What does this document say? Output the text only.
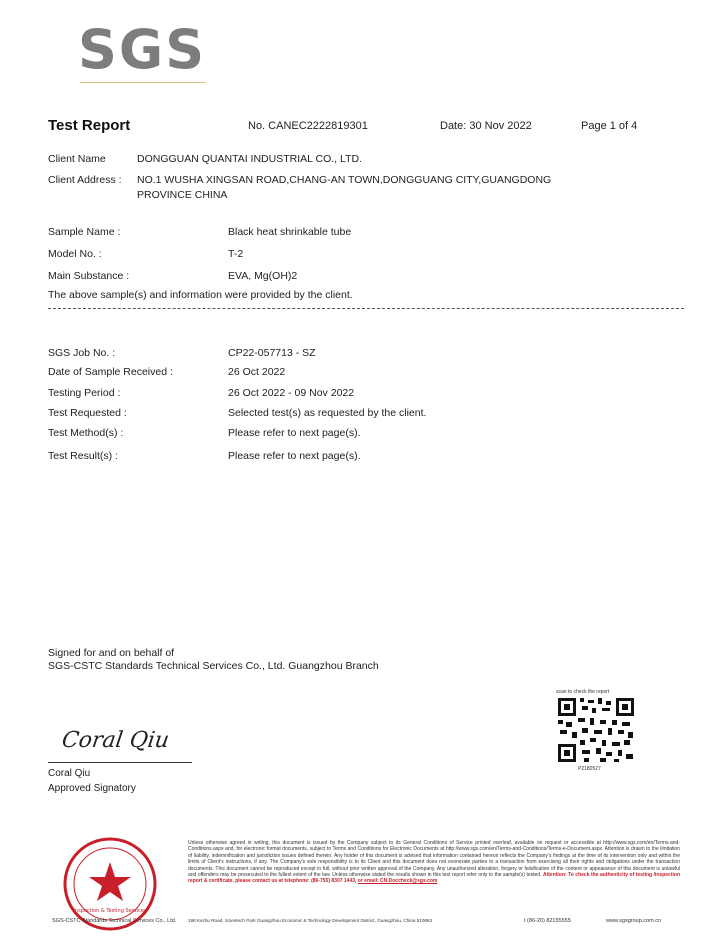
SGS
Test Report	No. CANEC2222819301	Date: 30 Nov 2022	Page 1 of 4
Client Name	DONGGUAN QUANTAI INDUSTRIAL CO., LTD.
Client Address : NO.1 WUSHA XINGSAN ROAD,CHANG-AN TOWN,DONGGUANG CITY,GUANGDONG
PROVINCE CHINA
Sample Name :	Black heat shrinkable tube
Model No. :	T-2
Main Substance :	EVA, Mg(OH)2
The above sample(s) and information were provided by the client.
SGS Job No. :	CP22-057713 - SZ
Date of Sample Received :	26 Oct 2022
Testing Period :	26 Oct 2022 - 09 Nov 2022
Test Requested :	Selected test(s) as requested by the client.
Test Method(s) :	Please refer to next page(s).
Test Result(s) :	Please refer to next page(s).
Signed for and on behalf of
SGS-CSTC Standards Technical Services Co., Ltd. Guangzhou Branch
Coral Qiu
Coral Qiu
Approved Signatory
scan to check the report
P2180527
Inspection & Testing Services
Unless otherwise agreed in writing, this document is issued by the Company subject to its General Conditions of Service printed overleaf, available on request or accessible at http://www.sgs.com/en/Terms-and-Conditions.aspx and, for electronic format documents, subject to Terms and Conditions for Electronic Documents at http://www.sgs.com/en/Terms-and-Conditions/Terms-e-Document.aspx. Attention is drawn to the limitation of liability, indemnification and jurisdiction issues defined therein. Any holder of this document is advised that information contained hereon reflects the Company's findings at the time of its intervention only and within the limits of Client's instructions, if any. The Company's sole responsibility is to its Client and this document does not exonerate parties to a transaction from exercising all their rights and obligations under the transaction documents. This document cannot be reproduced except in full, without prior written approval of the Company. Any unauthorized alteration, forgery or falsification of the content or appearance of this document is unlawful and offenders may be prosecuted to the fullest extent of the law. Unless otherwise stated the results shown in this test report refer only to the sample(s) tested. Attention: To check the authenticity of testing /inspection report & certificate, please contact us at telephone: (86-755) 8307 1443, or email: CN.Doccheck@sgs.com
SGS-CSTC Standards Technical Services Co., Ltd.	198 Kezhu Road, Scientech Park Guangzhou Economic & Technology Development District, Guangzhou, China 510663	t (86-20) 82155555	www.sgsgroup.com.cn
